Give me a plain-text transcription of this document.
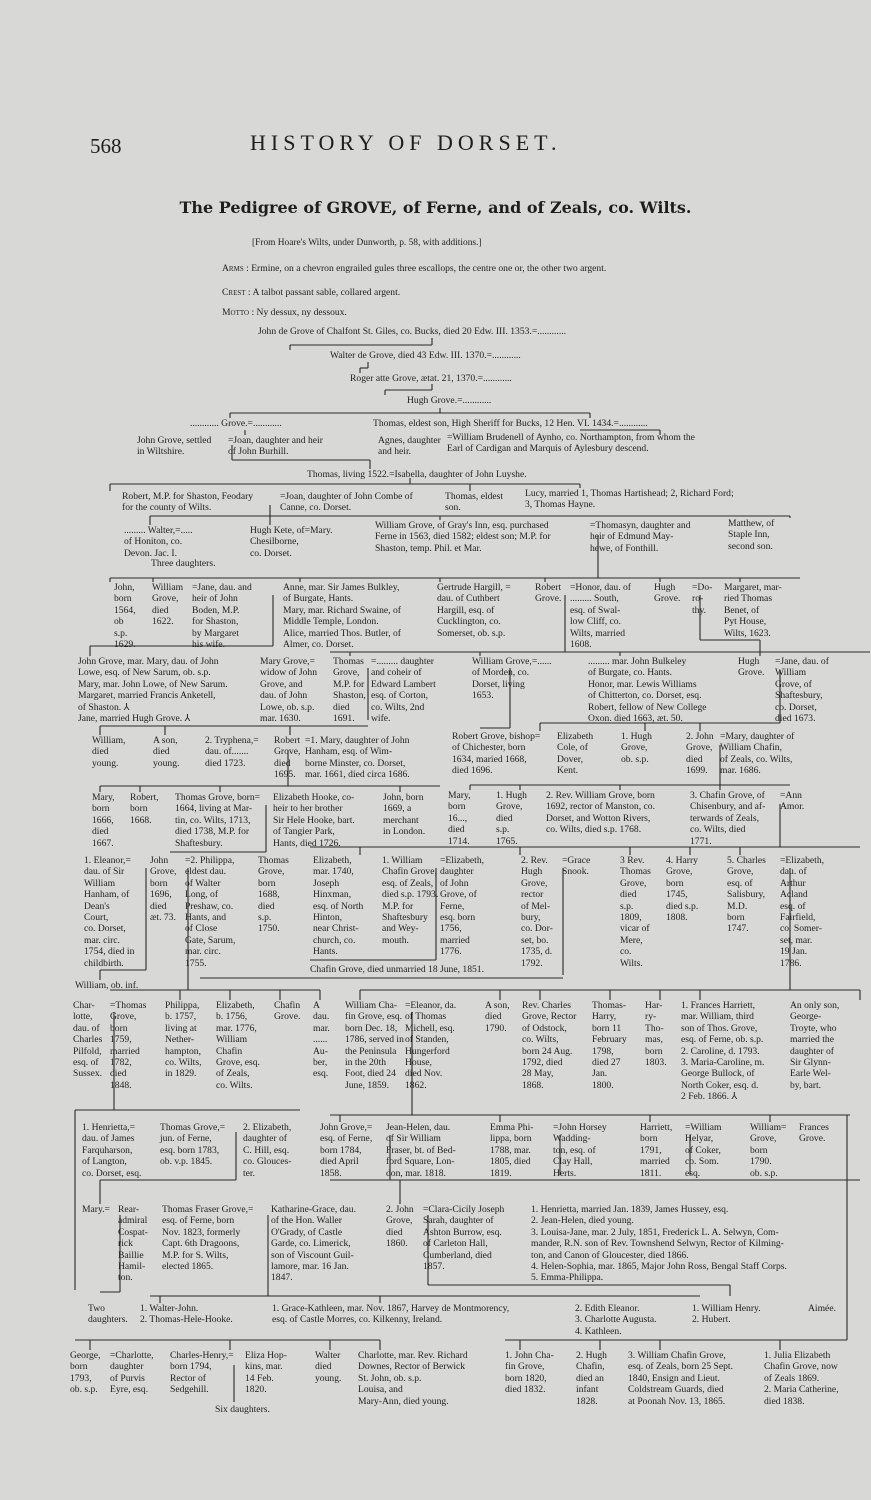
568	HISTORY OF DORSET.
The Pedigree of GROVE, of Ferne, and of Zeals, co. Wilts.
[From Hoare's Wilts, under Dunworth, p. 58, with additions.]
Arms : Ermine, on a chevron engrailed gules three escallops, the centre one or, the other two argent.
Crest : A talbot passant sable, collared argent.
Motto : Ny dessux, ny dessoux.
John de Grove of Chalfont St. Giles, co. Bucks, died 20 Edw. III. 1353.=............
Walter de Grove, died 43 Edw. III. 1370.=............
Roger atte Grove, ætat. 21, 1370.=............
Hugh Grove.=............
............ Grove.=............	Thomas, eldest son, High Sheriff for Bucks, 12 Hen. VI. 1434.=............
John Grove, settled
in Wiltshire.
=Joan, daughter and heir
of John Burhill.
Agnes, daughter
and heir.
=William Brudenell of Aynho, co. Northampton, from whom the
Earl of Cardigan and Marquis of Aylesbury descend.
Thomas, living 1522.=Isabella, daughter of John Luyshe.
Robert, M.P. for Shaston, Feodary
for the county of Wilts.
=Joan, daughter of John Combe of
Canne, co. Dorset.
Thomas, eldest
son.
Lucy, married 1, Thomas Hartishead; 2, Richard Ford;
3, Thomas Hayne.
......... Walter,=.....
of Honiton, co.
Devon. Jac. I.
Three daughters.
Hugh Kete, of=Mary.
Chesilborne,
co. Dorset.
William Grove, of Gray's Inn, esq. purchased
Ferne in 1563, died 1582; eldest son; M.P. for
Shaston, temp. Phil. et Mar.
=Thomasyn, daughter and
heir of Edmund May-
hewe, of Fonthill.
Matthew, of
Staple Inn,
second son.
John,
born
1564,
ob
s.p.
1629.
William
Grove,
died
1622.
=Jane, dau. and
heir of John
Boden, M.P.
for Shaston,
by Margaret
his wife.
Anne, mar. Sir James Bulkley,
of Burgate, Hants.
Mary, mar. Richard Swaine, of
Middle Temple, London.
Alice, married Thos. Butler, of
Almer, co. Dorset.
Gertrude Hargill, =
dau. of Cuthbert
Hargill, esq. of
Cucklington, co.
Somerset, ob. s.p.
Robert
Grove.
=Honor, dau. of
......... South,
esq. of Swal-
low Cliff, co.
Wilts, married
1608.
Hugh
Grove.
=Do-
ro-
thy.
Margaret, mar-
ried Thomas
Benet, of
Pyt House,
Wilts, 1623.
John Grove, mar. Mary, dau. of John
Lowe, esq. of New Sarum, ob. s.p.
Mary, mar. John Lowe, of New Sarum.
Margaret, married Francis Anketell,
of Shaston. ⅄
Jane, married Hugh Grove. ⅄
Mary Grove,=
widow of John
Grove, and
dau. of John
Lowe, ob. s.p.
mar. 1630.
Thomas
Grove,
M.P. for
Shaston,
died
1691.
=......... daughter
and coheir of
Edward Lambert
esq. of Corton,
co. Wilts, 2nd
wife.
William Grove,=......
of Morden, co.
Dorset, living
1653.
......... mar. John Bulkeley
of Burgate, co. Hants.
Honor, mar. Lewis Williams
of Chitterton, co. Dorset, esq.
Robert, fellow of New College
Oxon. died 1663, æt. 50.
Hugh
Grove.
=Jane, dau. of
William
Grove, of
Shaftesbury,
co. Dorset,
died 1673.
William,
died
young.
A son,
died
young.
2. Tryphena,=
dau. of.......
died 1723.
Robert
Grove,
died
1695.
=1. Mary, daughter of John
Hanham, esq. of Wim-
borne Minster, co. Dorset,
mar. 1661, died circa 1686.
Robert Grove, bishop=
of Chichester, born
1634, maried 1668,
died 1696.
Elizabeth
Cole, of
Dover,
Kent.
1. Hugh
Grove,
ob. s.p.
2. John
Grove,
died
1699.
=Mary, daughter of
William Chafin,
of Zeals, co. Wilts,
mar. 1686.
Mary,
born
1666,
died
1667.
Robert,
born
1668.
Thomas Grove, born=
1664, living at Mar-
tin, co. Wilts, 1713,
died 1738, M.P. for
Shaftesbury.
Elizabeth Hooke, co-
heir to her brother
Sir Hele Hooke, bart.
of Tangier Park,
Hants, died 1726.
John, born
1669, a
merchant
in London.
Mary,
born
16...,
died
1714.
1. Hugh
Grove,
died
s.p.
1765.
2. Rev. William Grove, born
1692, rector of Manston, co.
Dorset, and Wotton Rivers,
co. Wilts, died s.p. 1768.
3. Chafin Grove, of
Chisenbury, and af-
terwards of Zeals,
co. Wilts, died
1771.
=Ann
Amor.
1. Eleanor,=
dau. of Sir
William
Hanham, of
Dean's
Court,
co. Dorset,
mar. circ.
1754, died in
childbirth.
John
Grove,
born
1696,
died
æt. 73.
=2. Philippa,
eldest dau.
of Walter
Long, of
Preshaw, co.
Hants, and
of Close
Gate, Sarum,
mar. circ.
1755.
Thomas
Grove,
born
1688,
died
s.p.
1750.
Elizabeth,
mar. 1740,
Joseph
Hinxman,
esq. of North
Hinton,
near Christ-
church, co.
Hants.
1. William
Chafin Grove,
esq. of Zeals,
died s.p. 1793.
M.P. for
Shaftesbury
and Wey-
mouth.
=Elizabeth,
daughter
of John
Grove, of
Ferne,
esq. born
1756,
married
1776.
2. Rev.
Hugh
Grove,
rector
of Mel-
bury,
co. Dor-
set, bo.
1735, d.
1792.
=Grace
Snook.
3 Rev.
Thomas
Grove,
died
s.p.
1809,
vicar of
Mere,
co.
Wilts.
4. Harry
Grove,
born
1745,
died s.p.
1808.
5. Charles
Grove,
esq. of
Salisbury,
M.D.
born
1747.
=Elizabeth,
dau. of
Arthur
Acland
esq. of
Fairfield,
co. Somer-
set, mar.
19 Jan.
1786.
William, ob. inf.
Chafin Grove, died unmarried 18 June, 1851.
Char-
lotte,
dau. of
Charles
Pilfold,
esq. of
Sussex.
=Thomas
Grove,
born
1759,
married
1782,
died
1848.
Philippa,
b. 1757,
living at
Nether-
hampton,
co. Wilts,
in 1829.
Elizabeth,
b. 1756,
mar. 1776,
William
Chafin
Grove, esq.
of Zeals,
co. Wilts.
Chafin
Grove.
A
dau.
mar.
......
Au-
ber,
esq.
William Cha-
fin Grove, esq.
born Dec. 18,
1786, served in
the Peninsula
in the 20th
Foot, died 24
June, 1859.
=Eleanor, da.
of Thomas
Michell, esq.
of Standen,
Hungerford
House,
died Nov.
1862.
A son,
died
1790.
Rev. Charles
Grove, Rector
of Odstock,
co. Wilts,
born 24 Aug.
1792, died
28 May,
1868.
Thomas-
Harry,
born 11
February
1798,
died 27
Jan.
1800.
Har-
ry-
Tho-
mas,
born
1803.
1. Frances Harriett,
mar. William, third
son of Thos. Grove,
esq. of Ferne, ob. s.p.
2. Caroline, d. 1793.
3. Maria-Caroline, m.
George Bullock, of
North Coker, esq. d.
2 Feb. 1866. ⅄
An only son,
George-
Troyte, who
married the
daughter of
Sir Glynn-
Earle Wel-
by, bart.
1. Henrietta,=
dau. of James
Farquharson,
of Langton,
co. Dorset, esq.
Thomas Grove,=
jun. of Ferne,
esq. born 1783,
ob. v.p. 1845.
2. Elizabeth,
daughter of
C. Hill, esq.
co. Glouces-
ter.
John Grove,=
esq. of Ferne,
born 1784,
died April
1858.
Jean-Helen, dau.
of Sir William
Fraser, bt. of Bed-
ford Square, Lon-
don, mar. 1818.
Emma Phi-
lippa, born
1788, mar.
1805, died
1819.
=John Horsey
Wadding-
ton, esq. of
Clay Hall,
Herts.
Harriett,
born
1791,
married
1811.
=William
Helyar,
of Coker,
co. Som.
esq.
William=
Grove,
born
1790.
ob. s.p.
Frances
Grove.
Mary.= Rear-
admiral
Cospat-
rick
Baillie
Hamil-
ton.
Thomas Fraser Grove,=
esq. of Ferne, born
Nov. 1823, formerly
Capt. 6th Dragoons,
M.P. for S. Wilts,
elected 1865.
Katharine-Grace, dau.
of the Hon. Waller
O'Grady, of Castle
Garde, co. Limerick,
son of Viscount Guil-
lamore, mar. 16 Jan.
1847.
2. John
Grove,
died
1860.
=Clara-Cicily Joseph
Sarah, daughter of
Ashton Burrow, esq.
of Carleton Hall,
Cumberland, died
1857.
1. Henrietta, married Jan. 1839, James Hussey, esq.
2. Jean-Helen, died young.
3. Louisa-Jane, mar. 2 July, 1851, Frederick L. A. Selwyn, Com-
mander, R.N. son of Rev. Townshend Selwyn, Rector of Kilming-
ton, and Canon of Gloucester, died 1866.
4. Helen-Sophia, mar. 1865, Major John Ross, Bengal Staff Corps.
5. Emma-Philippa.
Two
daughters.
1. Walter-John.
2. Thomas-Hele-Hooke.
1. Grace-Kathleen, mar. Nov. 1867, Harvey de Montmorency,
esq. of Castle Morres, co. Kilkenny, Ireland.
2. Edith Eleanor.
3. Charlotte Augusta.
4. Kathleen.
1. William Henry.
2. Hubert.
Aimée.
George,
born
1793,
ob. s.p.
=Charlotte,
daughter
of Purvis
Eyre, esq.
Charles-Henry,=
born 1794,
Rector of
Sedgehill.
Eliza Hop-
kins, mar.
14 Feb.
1820.
Six daughters.
Walter
died
young.
Charlotte, mar. Rev. Richard
Downes, Rector of Berwick
St. John, ob. s.p.
Louisa, and
Mary-Ann, died young.
1. John Cha-
fin Grove,
born 1820,
died 1832.
2. Hugh
Chafin,
died an
infant
1828.
3. William Chafin Grove,
esq. of Zeals, born 25 Sept.
1840, Ensign and Lieut.
Coldstream Guards, died
at Poonah Nov. 13, 1865.
1. Julia Elizabeth
Chafin Grove, now
of Zeals 1869.
2. Maria Catherine,
died 1838.
